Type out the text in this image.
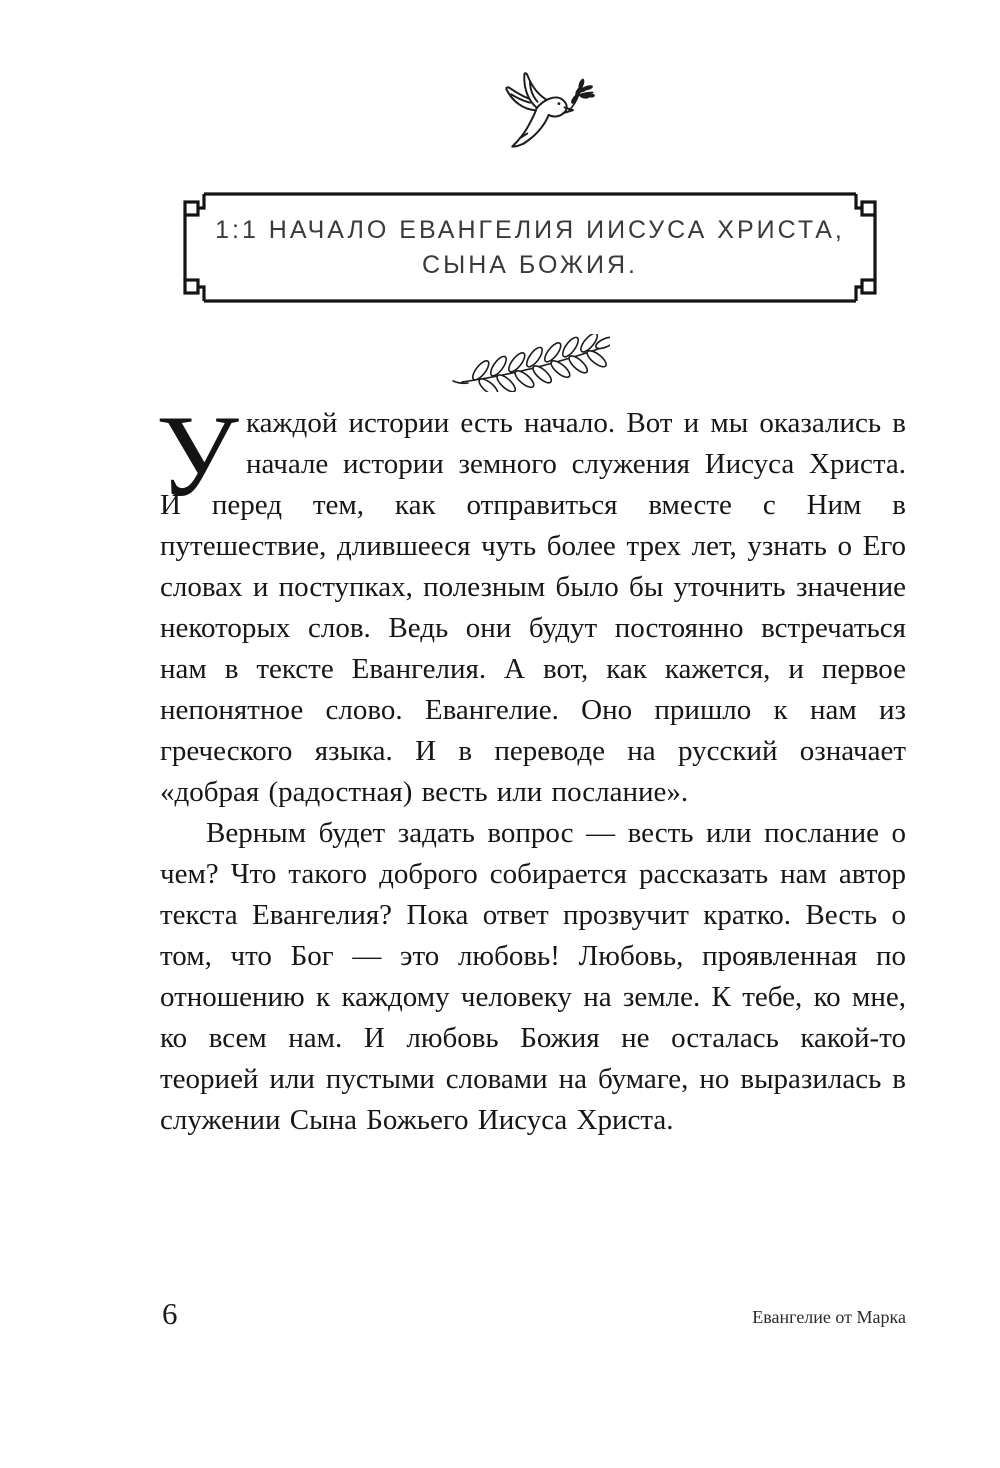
1:1 НАЧАЛО ЕВАНГЕЛИЯ ИИСУСА ХРИСТА,
СЫНА БОЖИЯ.

У каждой истории есть начало. Вот и мы оказались в начале истории земного служения Иисуса Христа. И перед тем, как отправиться вместе с Ним в путешествие, длившееся чуть более трех лет, узнать о Его словах и поступках, полезным было бы уточнить значение некоторых слов. Ведь они будут постоянно встречаться нам в тексте Евангелия. А вот, как кажется, и первое непонятное слово. Евангелие. Оно пришло к нам из греческого языка. И в переводе на русский означает «добрая (радостная) весть или послание».

Верным будет задать вопрос — весть или послание о чем? Что такого доброго собирается рассказать нам автор текста Евангелия? Пока ответ прозвучит кратко. Весть о том, что Бог — это любовь! Любовь, проявленная по отношению к каждому человеку на земле. К тебе, ко мне, ко всем нам. И любовь Божия не осталась какой-то теорией или пустыми словами на бумаге, но выразилась в служении Сына Божьего Иисуса Христа.

6	Евангелие от Марка
